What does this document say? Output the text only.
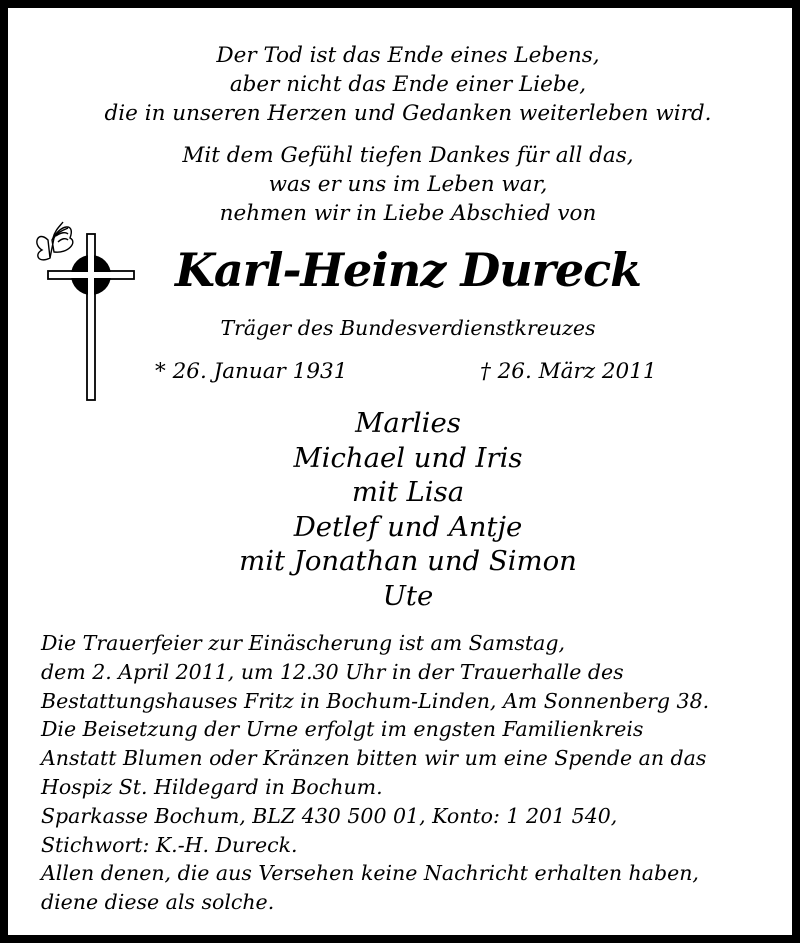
Der Tod ist das Ende eines Lebens,
aber nicht das Ende einer Liebe,
die in unseren Herzen und Gedanken weiterleben wird.
Mit dem Gefühl tiefen Dankes für all das,
was er uns im Leben war,
nehmen wir in Liebe Abschied von
Karl-Heinz Dureck
Träger des Bundesverdienstkreuzes
* 26. Januar 1931	† 26. März 2011
Marlies
Michael und Iris
mit Lisa
Detlef und Antje
mit Jonathan und Simon
Ute
Die Trauerfeier zur Einäscherung ist am Samstag,
dem 2. April 2011, um 12.30 Uhr in der Trauerhalle des
Bestattungshauses Fritz in Bochum-Linden, Am Sonnenberg 38.
Die Beisetzung der Urne erfolgt im engsten Familienkreis
Anstatt Blumen oder Kränzen bitten wir um eine Spende an das
Hospiz St. Hildegard in Bochum.
Sparkasse Bochum, BLZ 430 500 01, Konto: 1 201 540,
Stichwort: K.-H. Dureck.
Allen denen, die aus Versehen keine Nachricht erhalten haben,
diene diese als solche.
